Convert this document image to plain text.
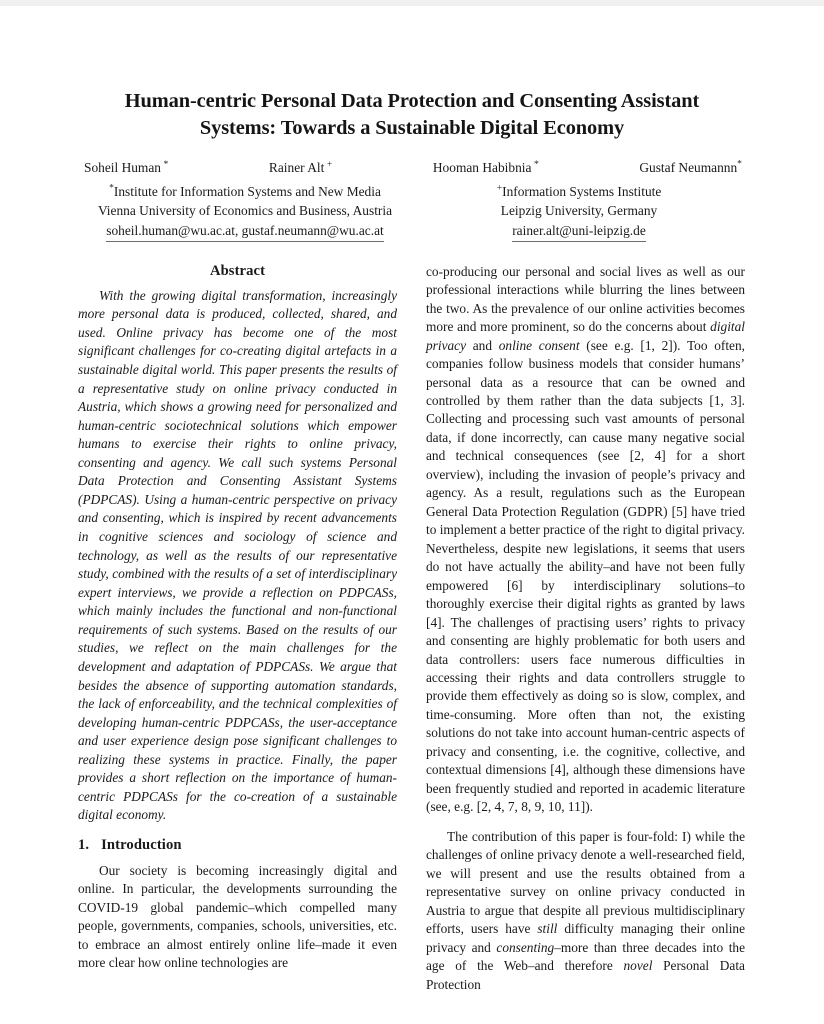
Human-centric Personal Data Protection and Consenting Assistant Systems: Towards a Sustainable Digital Economy
Soheil Human *	Rainer Alt +	Hooman Habibnia *	Gustaf Neumannn*
*Institute for Information Systems and New Media
Vienna University of Economics and Business, Austria
soheil.human@wu.ac.at, gustaf.neumann@wu.ac.at
+Information Systems Institute
Leipzig University, Germany
rainer.alt@uni-leipzig.de
Abstract

With the growing digital transformation, increasingly more personal data is produced, collected, shared, and used. Online privacy has become one of the most significant challenges for co-creating digital artefacts in a sustainable digital world. This paper presents the results of a representative study on online privacy conducted in Austria, which shows a growing need for personalized and human-centric sociotechnical solutions which empower humans to exercise their rights to online privacy, consenting and agency. We call such systems Personal Data Protection and Consenting Assistant Systems (PDPCAS). Using a human-centric perspective on privacy and consenting, which is inspired by recent advancements in cognitive sciences and sociology of science and technology, as well as the results of our representative study, combined with the results of a set of interdisciplinary expert interviews, we provide a reflection on PDPCASs, which mainly includes the functional and non-functional requirements of such systems. Based on the results of our studies, we reflect on the main challenges for the development and adaptation of PDPCASs. We argue that besides the absence of supporting automation standards, the lack of enforceability, and the technical complexities of developing human-centric PDPCASs, the user-acceptance and user experience design pose significant challenges to realizing these systems in practice. Finally, the paper provides a short reflection on the importance of human-centric PDPCASs for the co-creation of a sustainable digital economy.

1. Introduction

Our society is becoming increasingly digital and online. In particular, the developments surrounding the COVID-19 global pandemic–which compelled many people, governments, companies, schools, universities, etc. to embrace an almost entirely online life–made it even more clear how online technologies are

co-producing our personal and social lives as well as our professional interactions while blurring the lines between the two. As the prevalence of our online activities becomes more and more prominent, so do the concerns about digital privacy and online consent (see e.g. [1, 2]). Too often, companies follow business models that consider humans’ personal data as a resource that can be owned and controlled by them rather than the data subjects [1, 3]. Collecting and processing such vast amounts of personal data, if done incorrectly, can cause many negative social and technical consequences (see [2, 4] for a short overview), including the invasion of people’s privacy and agency. As a result, regulations such as the European General Data Protection Regulation (GDPR) [5] have tried to implement a better practice of the right to digital privacy. Nevertheless, despite new legislations, it seems that users do not have actually the ability–and have not been fully empowered [6] by interdisciplinary solutions–to thoroughly exercise their digital rights as granted by laws [4]. The challenges of practising users’ rights to privacy and consenting are highly problematic for both users and data controllers: users face numerous difficulties in accessing their rights and data controllers struggle to provide them effectively as doing so is slow, complex, and time-consuming. More often than not, the existing solutions do not take into account human-centric aspects of privacy and consenting, i.e. the cognitive, collective, and contextual dimensions [4], although these dimensions have been frequently studied and reported in academic literature (see, e.g. [2, 4, 7, 8, 9, 10, 11]).

The contribution of this paper is four-fold: I) while the challenges of online privacy denote a well-researched field, we will present and use the results obtained from a representative survey on online privacy conducted in Austria to argue that despite all previous multidisciplinary efforts, users have still difficulty managing their online privacy and consenting–more than three decades into the age of the Web–and therefore novel Personal Data Protection
